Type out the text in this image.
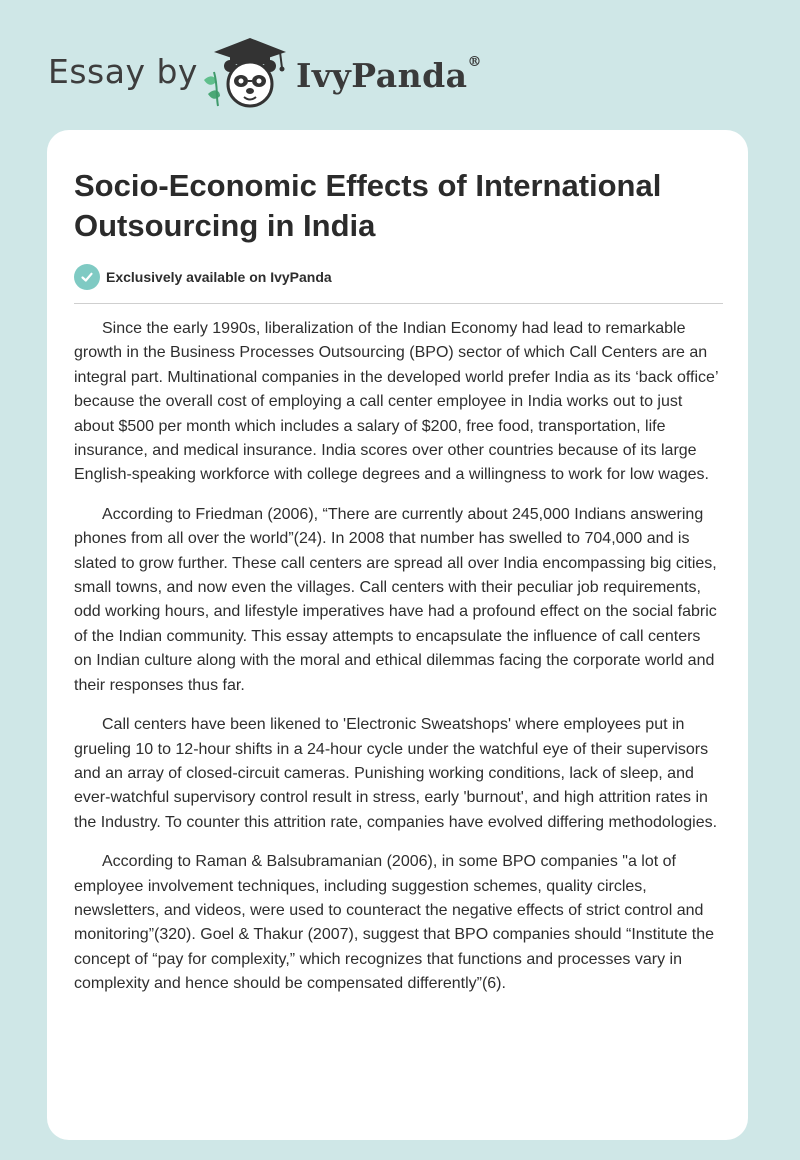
Essay by	IvyPanda®
Socio-Economic Effects of International Outsourcing in India
Exclusively available on IvyPanda

Since the early 1990s, liberalization of the Indian Economy had lead to remarkable growth in the Business Processes Outsourcing (BPO) sector of which Call Centers are an integral part. Multinational companies in the developed world prefer India as its ‘back office’ because the overall cost of employing a call center employee in India works out to just about $500 per month which includes a salary of $200, free food, transportation, life insurance, and medical insurance. India scores over other countries because of its large English-speaking workforce with college degrees and a willingness to work for low wages.

According to Friedman (2006), “There are currently about 245,000 Indians answering phones from all over the world”(24). In 2008 that number has swelled to 704,000 and is slated to grow further. These call centers are spread all over India encompassing big cities, small towns, and now even the villages. Call centers with their peculiar job requirements, odd working hours, and lifestyle imperatives have had a profound effect on the social fabric of the Indian community. This essay attempts to encapsulate the influence of call centers on Indian culture along with the moral and ethical dilemmas facing the corporate world and their responses thus far.

Call centers have been likened to 'Electronic Sweatshops' where employees put in grueling 10 to 12-hour shifts in a 24-hour cycle under the watchful eye of their supervisors and an array of closed-circuit cameras. Punishing working conditions, lack of sleep, and ever-watchful supervisory control result in stress, early 'burnout', and high attrition rates in the Industry. To counter this attrition rate, companies have evolved differing methodologies.

According to Raman & Balsubramanian (2006), in some BPO companies "a lot of employee involvement techniques, including suggestion schemes, quality circles, newsletters, and videos, were used to counteract the negative effects of strict control and monitoring”(320). Goel & Thakur (2007), suggest that BPO companies should “Institute the concept of “pay for complexity,” which recognizes that functions and processes vary in complexity and hence should be compensated differently”(6).
